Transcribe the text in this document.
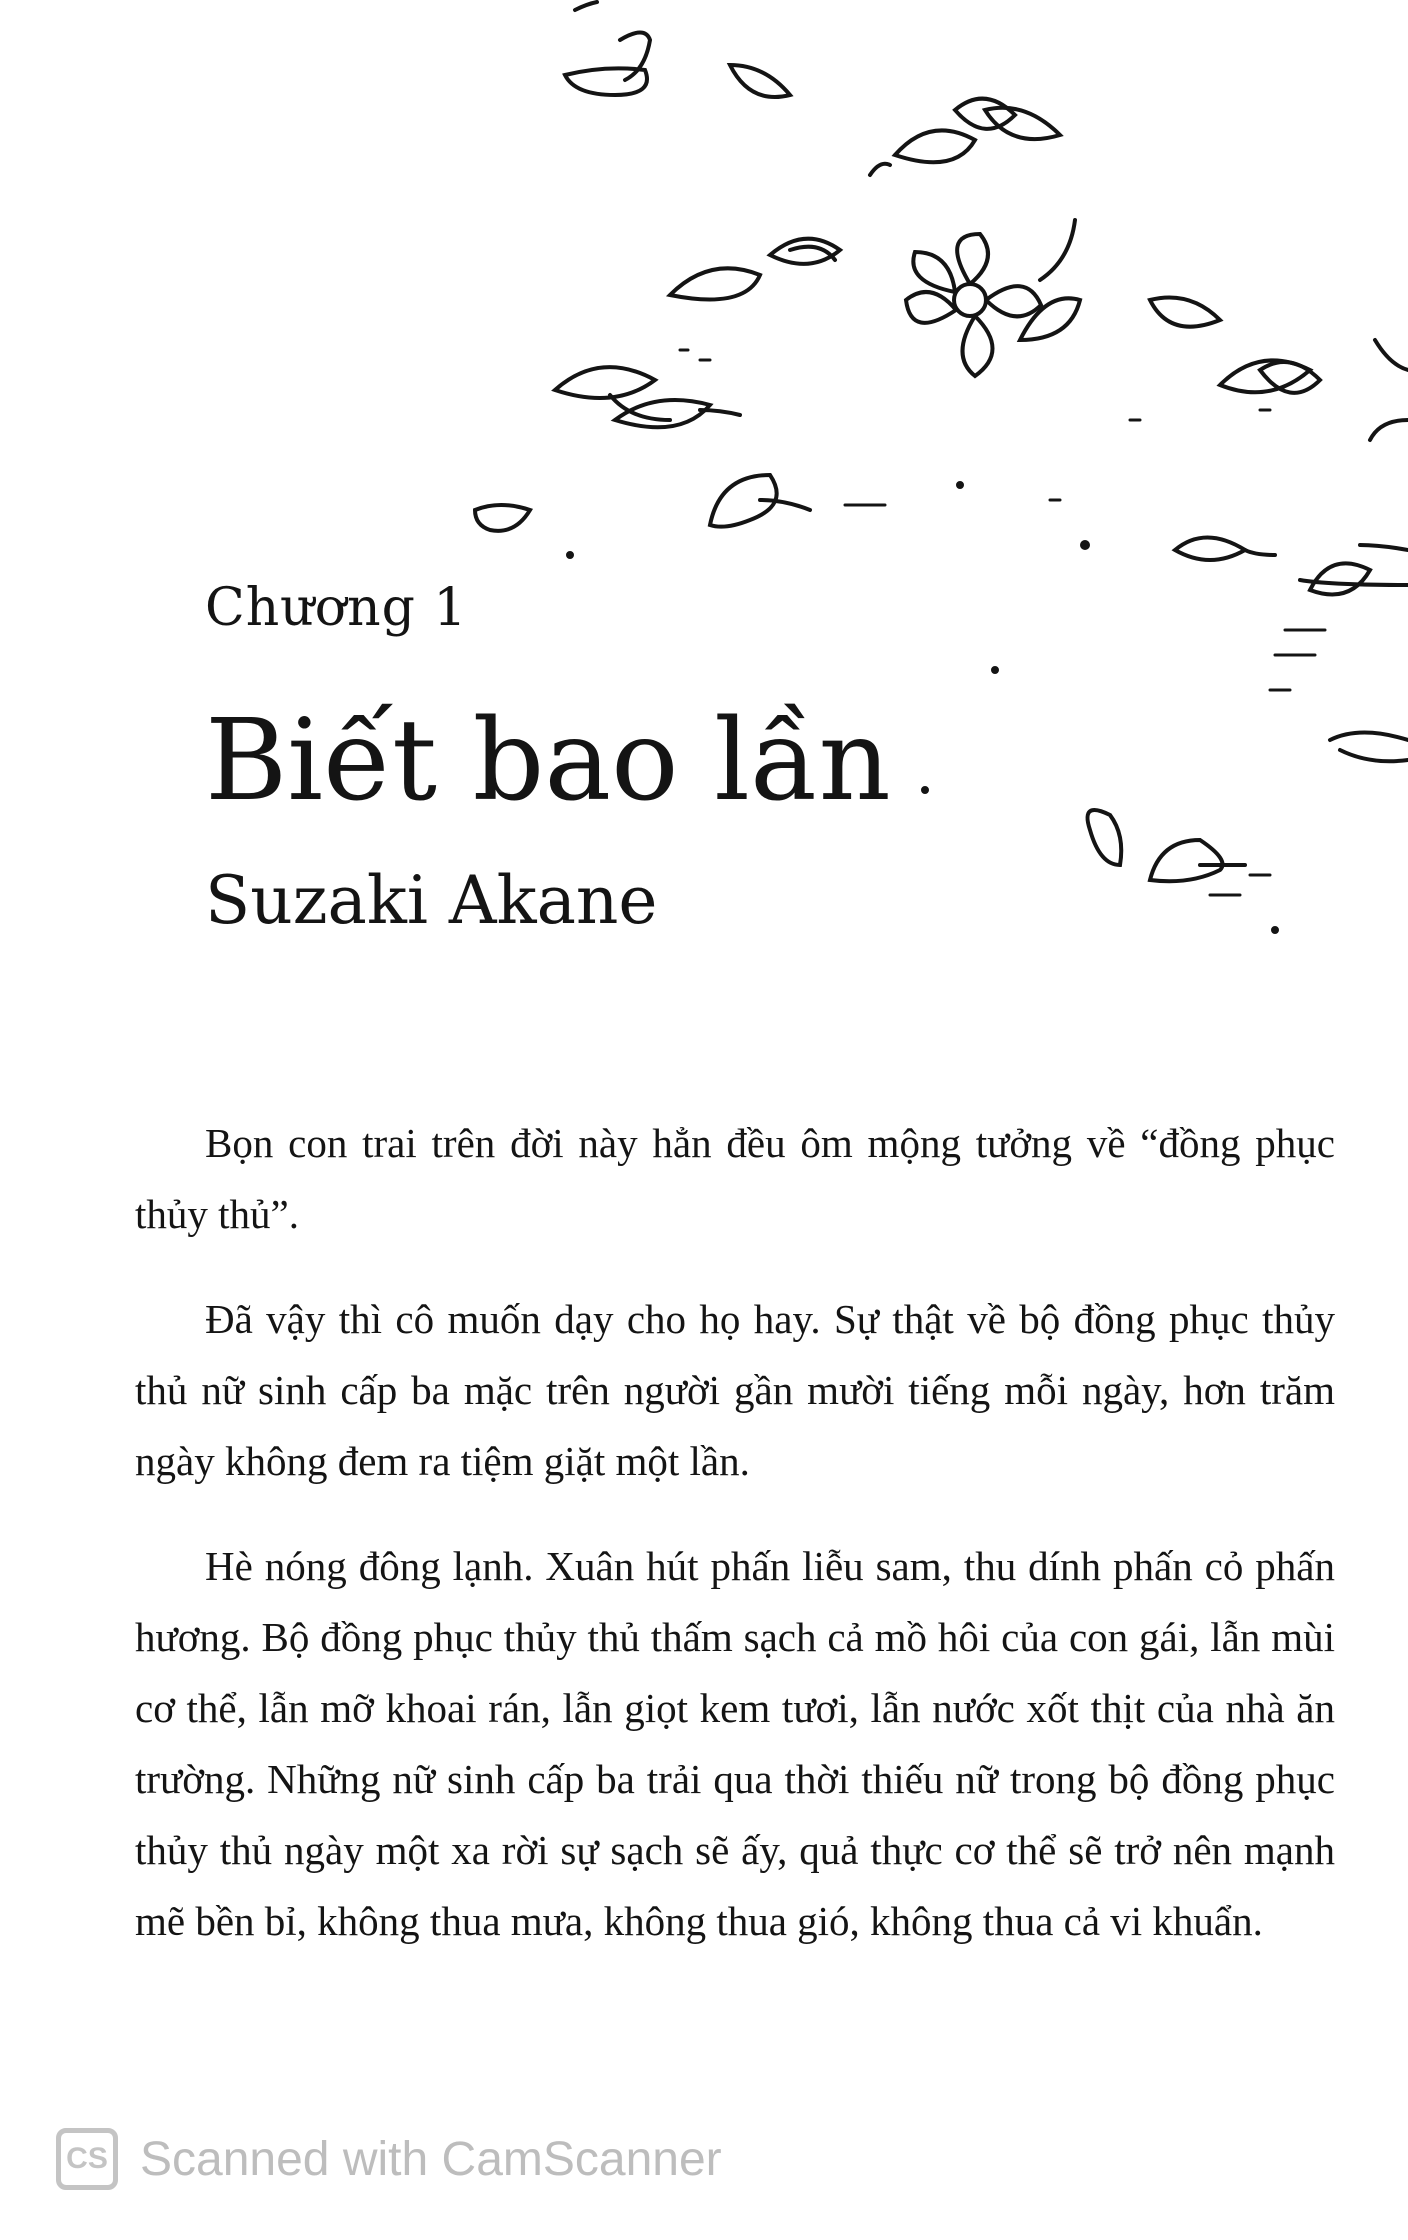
Chương 1
Biết bao lần
Suzaki Akane

Bọn con trai trên đời này hẳn đều ôm mộng tưởng về “đồng phục thủy thủ”.

Đã vậy thì cô muốn dạy cho họ hay. Sự thật về bộ đồng phục thủy thủ nữ sinh cấp ba mặc trên người gần mười tiếng mỗi ngày, hơn trăm ngày không đem ra tiệm giặt một lần.

Hè nóng đông lạnh. Xuân hút phấn liễu sam, thu dính phấn cỏ phấn hương. Bộ đồng phục thủy thủ thấm sạch cả mồ hôi của con gái, lẫn mùi cơ thể, lẫn mỡ khoai rán, lẫn giọt kem tươi, lẫn nước xốt thịt của nhà ăn trường. Những nữ sinh cấp ba trải qua thời thiếu nữ trong bộ đồng phục thủy thủ ngày một xa rời sự sạch sẽ ấy, quả thực cơ thể sẽ trở nên mạnh mẽ bền bỉ, không thua mưa, không thua gió, không thua cả vi khuẩn.

CS Scanned with CamScanner
